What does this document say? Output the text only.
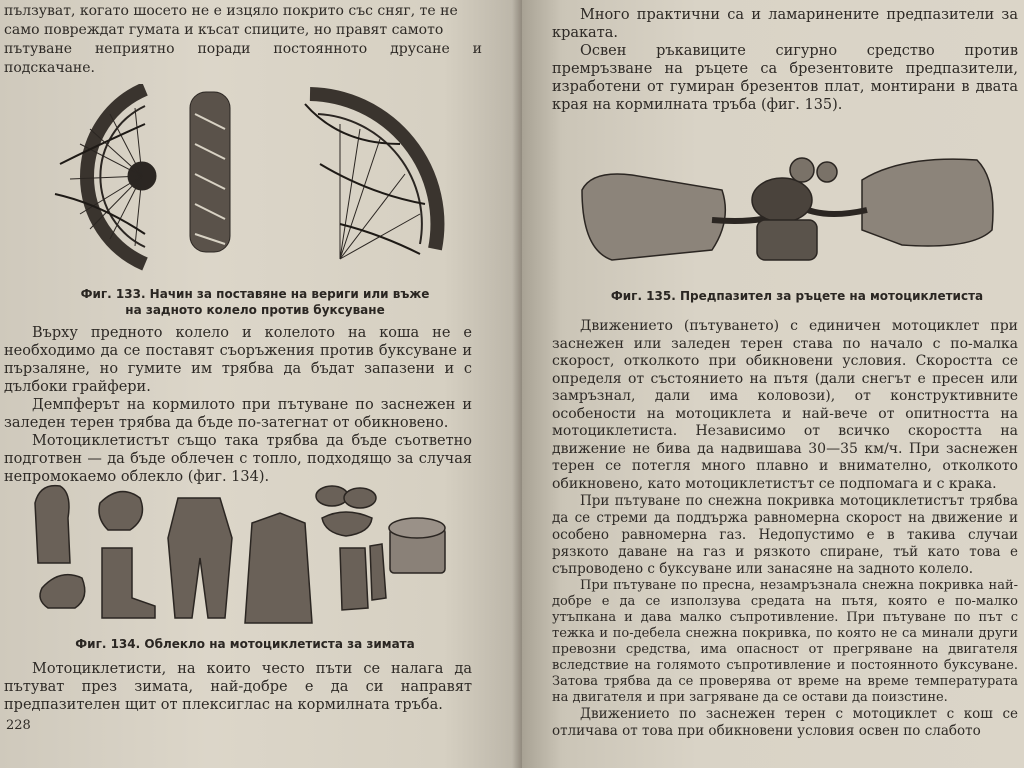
пълзуват, когато шосето не е изцяло покрито със сняг, те не

само повреждат гумата и късат спиците, но правят самото

пътуване неприятно поради постоянното друсане и подскачане.

Фиг. 133. Начин за поставяне на вериги или въже
на задното колело против буксуване

Върху предното колело и колелото на коша не е необходимо да се поставят съоръжения против буксуване и пързаляне, но гумите им трябва да бъдат запазени и с дълбоки грайфери.

Демпферът на кормилото при пътуване по заснежен и заледен терен трябва да бъде по-затегнат от обикновено.

Мотоциклетистът също така трябва да бъде съответно подготвен — да бъде облечен с топло, подходящо за случая непромокаемо облекло (фиг. 134).

Фиг. 134. Облекло на мотоциклетиста за зимата

Мотоциклетисти, на които често пъти се налага да пътуват през зимата, най-добре е да си направят предпазителен щит от плексиглас на кормилната тръба.

228

Много практични са и ламаринените предпазители за краката.

Освен ръкавиците сигурно средство против премръзване на ръцете са брезентовите предпазители, изработени от гумиран брезентов плат, монтирани в двата края на кормилната тръба (фиг. 135).

Фиг. 135. Предпазител за ръцете на мотоциклетиста

Движението (пътуването) с единичен мотоциклет при заснежен или заледен терен става по начало с по-малка скорост, отколкото при обикновени условия. Скоростта се определя от състоянието на пътя (дали снегът е пресен или замръзнал, дали има коловози), от конструктивните особености на мотоциклета и най-вече от опитността на мотоциклетиста. Независимо от всичко скоростта на движение не бива да надвишава 30—35 км/ч. При заснежен терен се потегля много плавно и внимателно, отколкото обикновено, като мотоциклетистът се подпомага и с крака.

При пътуване по снежна покривка мотоциклетистът трябва да се стреми да поддържа равномерна скорост на движение и особено равномерна газ. Недопустимо е в такива случаи рязкото даване на газ и рязкото спиране, тъй като това е съпроводено с буксуване или занасяне на задното колело.

При пътуване по пресна, незамръзнала снежна покривка най-добре е да се използува средата на пътя, която е по-малко утъпкана и дава малко съпротивление. При пътуване по път с тежка и по-дебела снежна покривка, по която не са минали други превозни средства, има опасност от прегряване на двигателя вследствие на голямото съпротивление и постоянното буксуване. Затова трябва да се проверява от време на време температурата на двигателя и при загряване да се остави да поизстине.

Движението по заснежен терен с мотоциклет с кош се отличава от това при обикновени условия освен по слабото
